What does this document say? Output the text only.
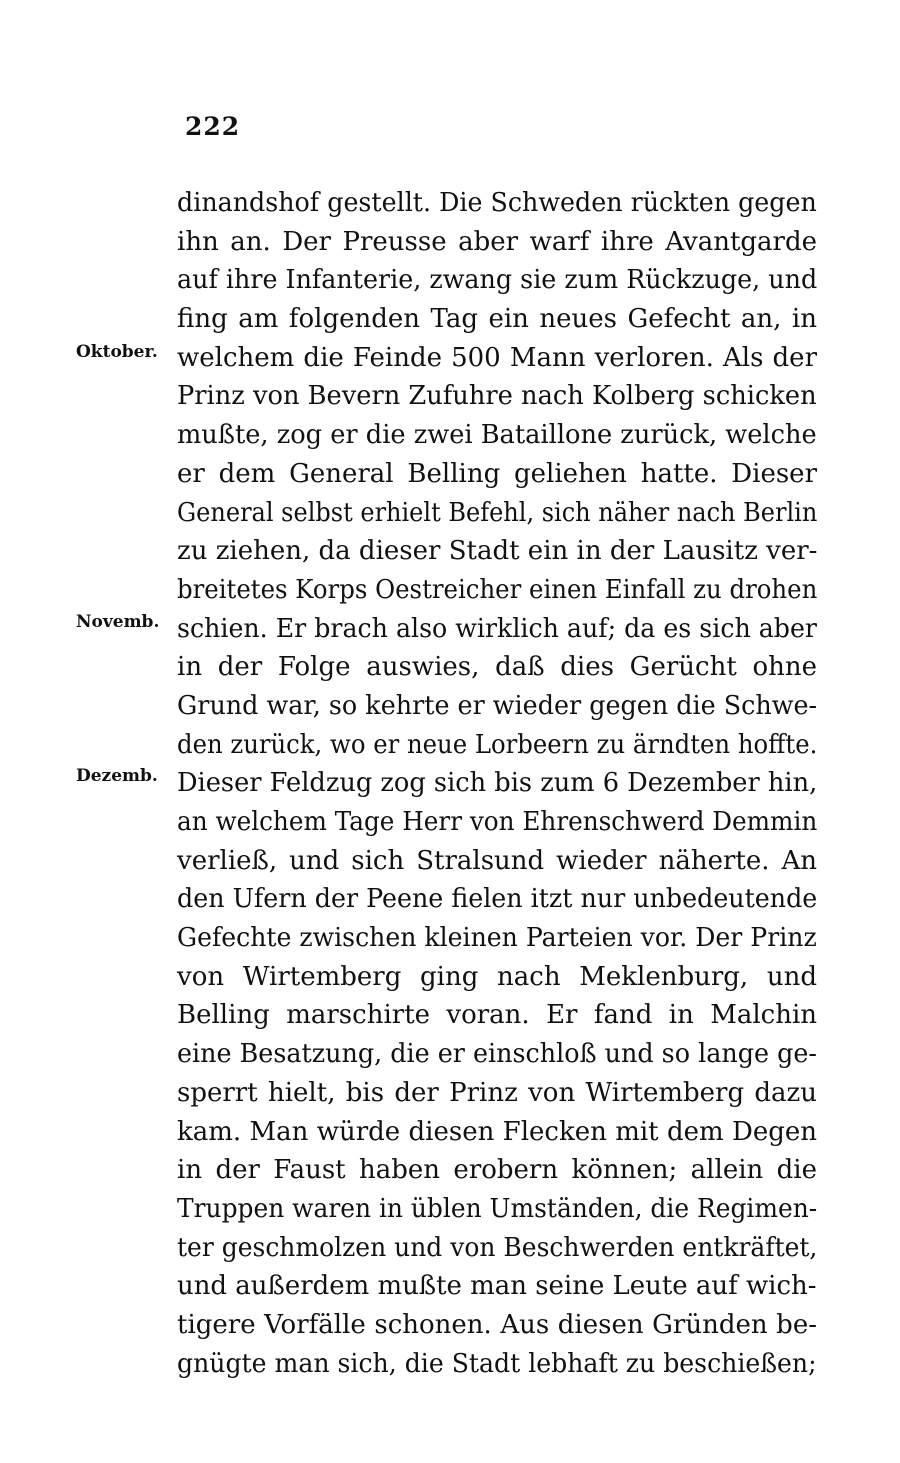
222
Oktober.
Novemb.
Dezemb.
dinandshof gestellt. Die Schweden rückten gegen
ihn an. Der Preusse aber warf ihre Avantgarde
auf ihre Infanterie, zwang sie zum Rückzuge, und
fing am folgenden Tag ein neues Gefecht an, in
welchem die Feinde 500 Mann verloren. Als der
Prinz von Bevern Zufuhre nach Kolberg schicken
mußte, zog er die zwei Bataillone zurück, welche
er dem General Belling geliehen hatte. Dieser
General selbst erhielt Befehl, sich näher nach Berlin
zu ziehen, da dieser Stadt ein in der Lausitz ver-
breitetes Korps Oestreicher einen Einfall zu drohen
schien. Er brach also wirklich auf; da es sich aber
in der Folge auswies, daß dies Gerücht ohne
Grund war, so kehrte er wieder gegen die Schwe-
den zurück, wo er neue Lorbeern zu ärndten hoffte.
Dieser Feldzug zog sich bis zum 6 Dezember hin,
an welchem Tage Herr von Ehrenschwerd Demmin
verließ, und sich Stralsund wieder näherte. An
den Ufern der Peene fielen itzt nur unbedeutende
Gefechte zwischen kleinen Parteien vor. Der Prinz
von Wirtemberg ging nach Meklenburg, und
Belling marschirte voran. Er fand in Malchin
eine Besatzung, die er einschloß und so lange ge-
sperrt hielt, bis der Prinz von Wirtemberg dazu
kam. Man würde diesen Flecken mit dem Degen
in der Faust haben erobern können; allein die
Truppen waren in üblen Umständen, die Regimen-
ter geschmolzen und von Beschwerden entkräftet,
und außerdem mußte man seine Leute auf wich-
tigere Vorfälle schonen. Aus diesen Gründen be-
gnügte man sich, die Stadt lebhaft zu beschießen;
